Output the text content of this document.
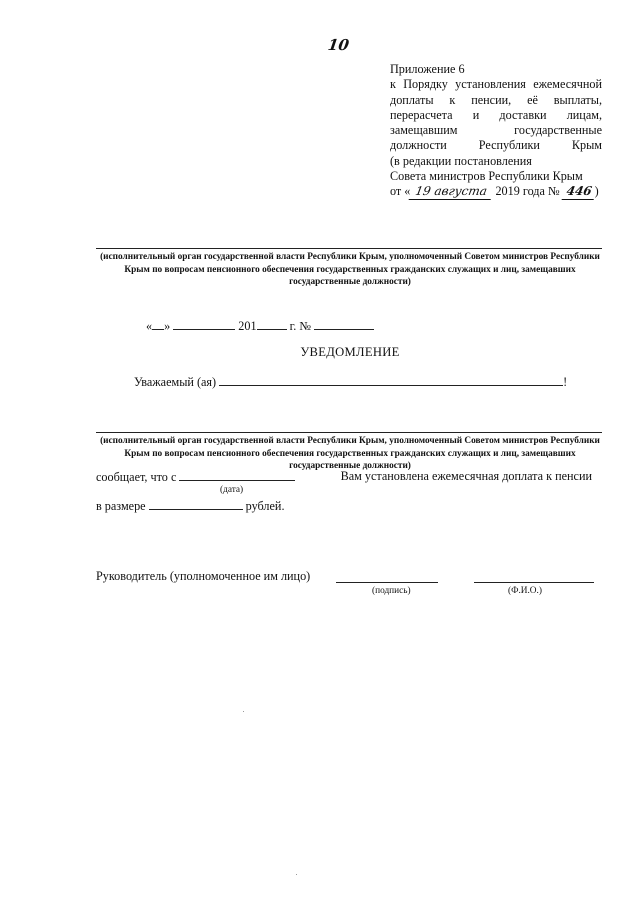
10
Приложение 6
к Порядку установления ежемесячной
доплаты к пенсии, её выплаты,
перерасчета и доставки лицам,
замещавшим государственные
должности Республики Крым
(в редакции постановления
Совета министров Республики Крым
от « 19 августа 2019 года № 446 )
(исполнительный орган государственной власти Республики Крым, уполномоченный Советом министров Республики Крым по вопросам пенсионного обеспечения государственных гражданских служащих и лиц, замещавших государственные должности)
« »	201	г. №
УВЕДОМЛЕНИЕ
Уважаемый (ая)	!
(исполнительный орган государственной власти Республики Крым, уполномоченный Советом министров Республики Крым по вопросам пенсионного обеспечения государственных гражданских служащих и лиц, замещавших государственные должности)
сообщает, что с	Вам установлена ежемесячная доплата к пенсии
(дата)
в размере	рублей.
Руководитель (уполномоченное им лицо)
(подпись)	(Ф.И.О.)
